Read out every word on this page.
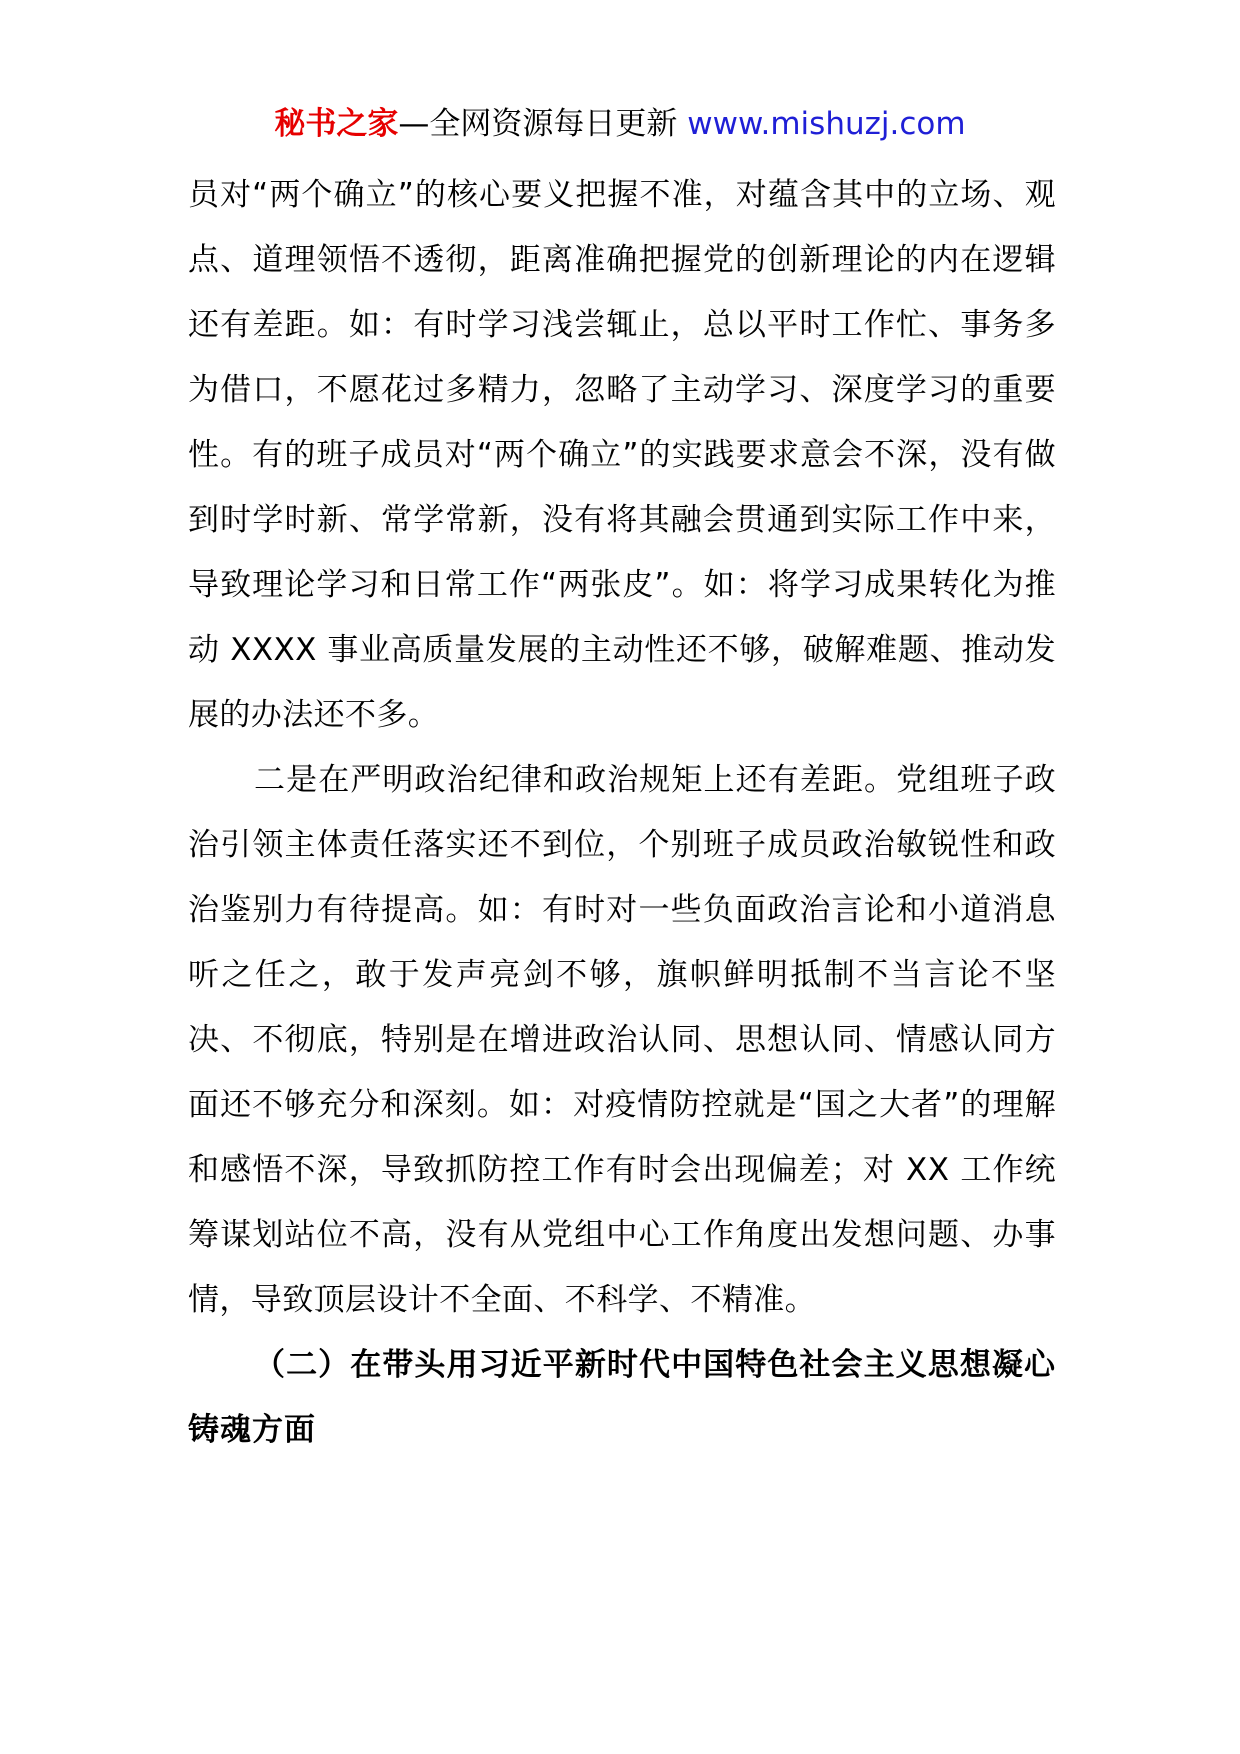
秘书之家—全网资源每日更新 www.mishuzj.com

员对“两个确立”的核心要义把握不准，对蕴含其中的立场、观点、道理领悟不透彻，距离准确把握党的创新理论的内在逻辑还有差距。如：有时学习浅尝辄止，总以平时工作忙、事务多为借口，不愿花过多精力，忽略了主动学习、深度学习的重要性。有的班子成员对“两个确立”的实践要求意会不深，没有做到时学时新、常学常新，没有将其融会贯通到实际工作中来，导致理论学习和日常工作“两张皮”。如：将学习成果转化为推动 XXXX 事业高质量发展的主动性还不够，破解难题、推动发展的办法还不多。

二是在严明政治纪律和政治规矩上还有差距。党组班子政治引领主体责任落实还不到位，个别班子成员政治敏锐性和政治鉴别力有待提高。如：有时对一些负面政治言论和小道消息听之任之，敢于发声亮剑不够，旗帜鲜明抵制不当言论不坚决、不彻底，特别是在增进政治认同、思想认同、情感认同方面还不够充分和深刻。如：对疫情防控就是“国之大者”的理解和感悟不深，导致抓防控工作有时会出现偏差；对 XX 工作统筹谋划站位不高，没有从党组中心工作角度出发想问题、办事情，导致顶层设计不全面、不科学、不精准。

（二）在带头用习近平新时代中国特色社会主义思想凝心铸魂方面
